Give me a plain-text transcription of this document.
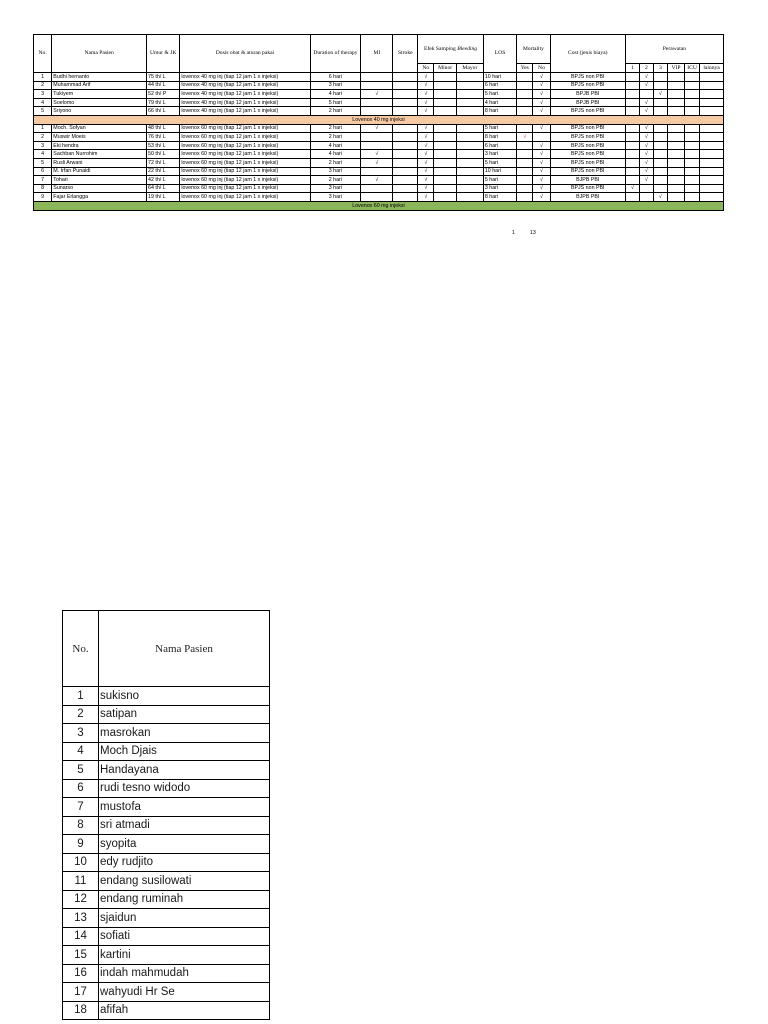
No.	Nama Pasien	Umur & JK	Dosis obat & aturan pakai	Duration of therapy	MI	Stroke	Efek Samping Bleeding			LOS	Mortality		Cost (jenis biaya)	Perawatan					
							No	Minor	Mayor		Yes	No		1	2	3	VIP	ICU	lainnya
1	Budhi hernanto	75 th/ L	lovenox 40 mg inj (tiap 12 jam 1 x injeksi)	6 hari			√			10 hari		√	BPJS non PBI		√				
2	Muhammad Arif	44 th/ L	lovenox 40 mg inj (tiap 12 jam 1 x injeksi)	3 hari			√			6 hari		√	BPJS non PBI		√				
3	Tukiyem	52 th/ P	lovenox 40 mg inj (tiap 12 jam 1 x injeksi)	4 hari	√		√			5 hari		√	BPJB PBI			√			
4	Soelomo	79 th/ L	lovenox 40 mg inj (tiap 12 jam 1 x injeksi)	5 hari			√			4 hari		√	BPJB PBI		√				
5	Sriyono	66 th/ L	lovenox 40 mg inj (tiap 12 jam 1 x injeksi)	2 hari			√			8 hari		√	BPJS non PBI		√				
Lovenox 40 mg injeksi																			
1	Moch. Sofyan	48 th/ L	lovenox 60 mg inj (tiap 12 jam 1 x injeksi)	2 hari	√		√			5 hari		√	BPJS non PBI		√				
2	Muswir Moeis	76 th/ L	lovenox 60 mg inj (tiap 12 jam 1 x injeksi)	2 hari			√			8 hari	√		BPJS non PBI		√				
3	Eki hendra	53 th/ L	lovenox 60 mg inj (tiap 12 jam 1 x injeksi)	4 hari			√			6 hari		√	BPJS non PBI		√				
4	Sachban Nurrohim	50 th/ L	lovenox 60 mg inj (tiap 12 jam 1 x injeksi)	4 hari	√		√			3 hari		√	BPJS non PBI		√				
5	Rusli Arwani	72 th/ L	lovenox 60 mg inj (tiap 12 jam 1 x injeksi)	2 hari	√		√			5 hari		√	BPJS non PBI		√				
6	M. Irfan Punaidi	22 th/ L	lovenox 60 mg inj (tiap 12 jam 1 x injeksi)	3 hari			√			10 hari		√	BPJS non PBI		√				
7	Tohari	42 th/ L	lovenox 60 mg inj (tiap 12 jam 1 x injeksi)	2 hari	√		√			5 hari		√	BJPB PBI		√				
8	Sunarso	64 th/ L	lovenox 60 mg inj (tiap 12 jam 1 x injeksi)	3 hari			√			3 hari		√	BPJS non PBI	√					
9	Fajar Erlangga	19 th/ L	lovenox 60 mg inj (tiap 12 jam 1 x injeksi)	3 hari			√			8 hari		√	BJPB PBI			√			
Lovenox 60 mg injeksi																			
1	13
No.	Nama Pasien
1	sukisno
2	satipan
3	masrokan
4	Moch Djais
5	Handayana
6	rudi tesno widodo
7	mustofa
8	sri atmadi
9	syopita
10	edy rudjito
11	endang susilowati
12	endang ruminah
13	sjaidun
14	sofiati
15	kartini
16	indah mahmudah
17	wahyudi Hr Se
18	afifah
